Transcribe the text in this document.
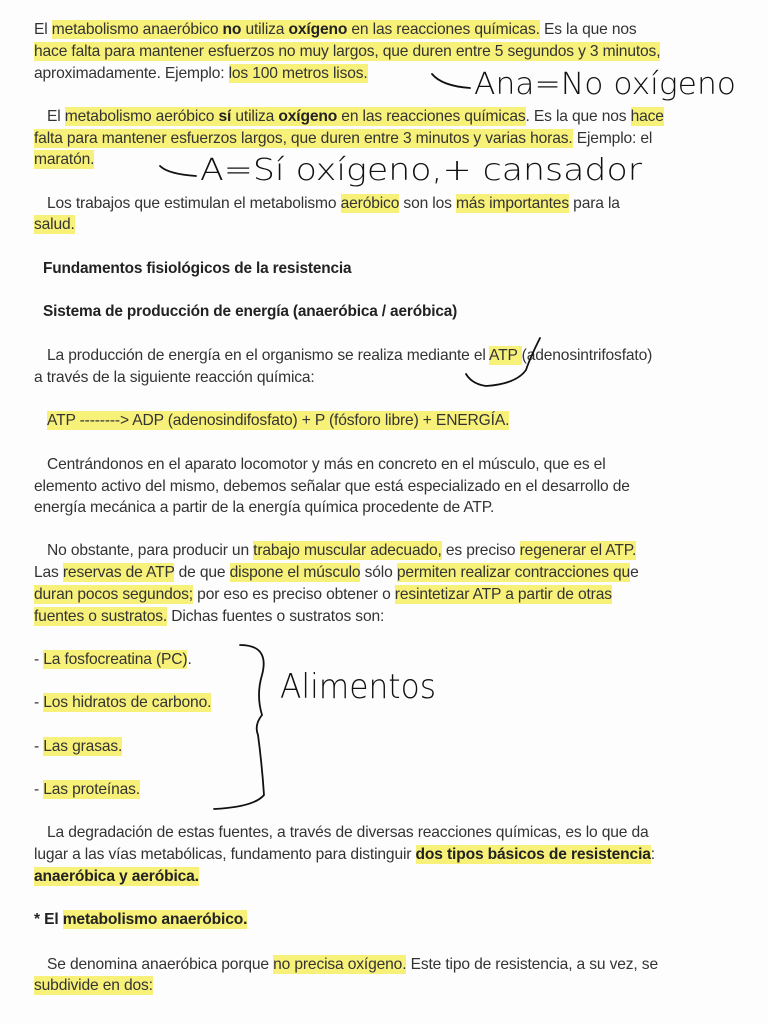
El metabolismo anaeróbico no utiliza oxígeno en las reacciones químicas. Es la que nos
hace falta para mantener esfuerzos no muy largos, que duren entre 5 segundos y 3 minutos,
aproximadamente. Ejemplo: los 100 metros lisos.
El metabolismo aeróbico sí utiliza oxígeno en las reacciones químicas. Es la que nos hace
falta para mantener esfuerzos largos, que duren entre 3 minutos y varias horas. Ejemplo: el
maratón.
Los trabajos que estimulan el metabolismo aeróbico son los más importantes para la
salud.
Fundamentos fisiológicos de la resistencia
Sistema de producción de energía (anaeróbica / aeróbica)
La producción de energía en el organismo se realiza mediante el ATP (adenosintrifosfato)
a través de la siguiente reacción química:
ATP --------> ADP (adenosindifosfato) + P (fósforo libre) + ENERGÍA.
Centrándonos en el aparato locomotor y más en concreto en el músculo, que es el
elemento activo del mismo, debemos señalar que está especializado en el desarrollo de
energía mecánica a partir de la energía química procedente de ATP.
No obstante, para producir un trabajo muscular adecuado, es preciso regenerar el ATP.
Las reservas de ATP de que dispone el músculo sólo permiten realizar contracciones que
duran pocos segundos; por eso es preciso obtener o resintetizar ATP a partir de otras
fuentes o sustratos. Dichas fuentes o sustratos son:
- La fosfocreatina (PC).
- Los hidratos de carbono.
- Las grasas.
- Las proteínas.
La degradación de estas fuentes, a través de diversas reacciones químicas, es lo que da
lugar a las vías metabólicas, fundamento para distinguir dos tipos básicos de resistencia:
anaeróbica y aeróbica.
* El metabolismo anaeróbico.
Se denomina anaeróbica porque no precisa oxígeno. Este tipo de resistencia, a su vez, se
subdivide en dos:
Ana=No oxígeno
A=Sí oxígeno,+ cansador
Alimentos
